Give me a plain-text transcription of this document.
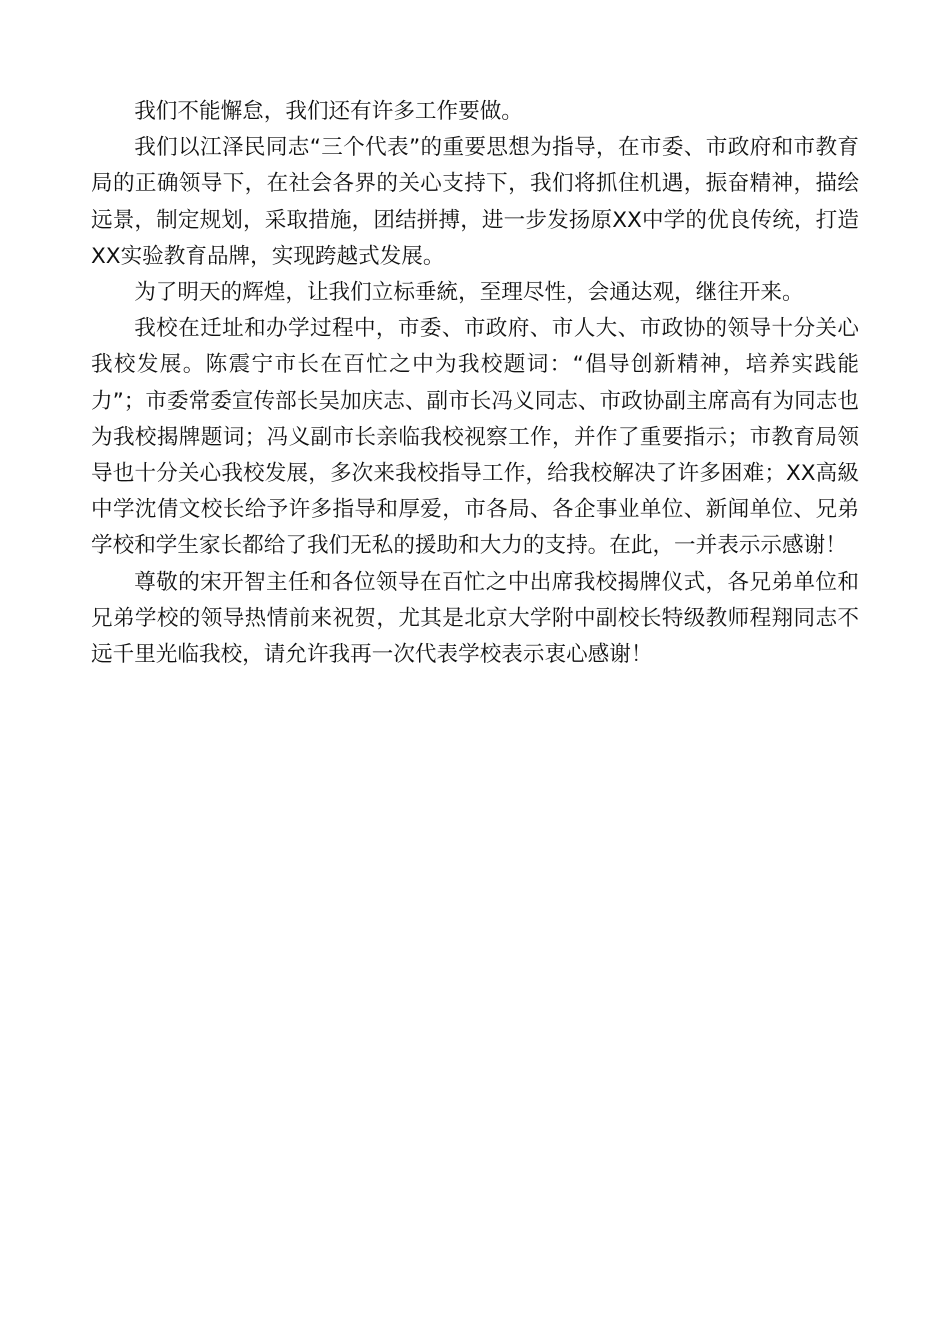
我们不能懈怠，我们还有许多工作要做。

我们以江泽民同志“三个代表”的重要思想为指导，在市委、市政府和市教育局的正确领导下，在社会各界的关心支持下，我们将抓住机遇，振奋精神，描绘远景，制定规划，采取措施，团结拼搏，进一步发扬原XX中学的优良传统，打造XX实验教育品牌，实现跨越式发展。

为了明天的辉煌，让我们立标垂統，至理尽性，会通达观，继往开来。

我校在迁址和办学过程中，市委、市政府、市人大、市政协的领导十分关心我校发展。陈震宁市长在百忙之中为我校题词：“倡导创新精神，培养实践能力”；市委常委宣传部长吴加庆志、副市长冯义同志、市政协副主席高有为同志也为我校揭牌题词；冯义副市长亲临我校视察工作，并作了重要指示；市教育局领导也十分关心我校发展，多次来我校指导工作，给我校解决了许多困难；XX高級中学沈倩文校长给予许多指导和厚爱，市各局、各企事业单位、新闻单位、兄弟学校和学生家长都给了我们无私的援助和大力的支持。在此，一并表示示感谢！

尊敬的宋开智主任和各位领导在百忙之中出席我校揭牌仪式，各兄弟单位和兄弟学校的领导热情前来祝贺，尤其是北京大学附中副校长特级教师程翔同志不远千里光临我校，请允许我再一次代表学校表示衷心感谢！
